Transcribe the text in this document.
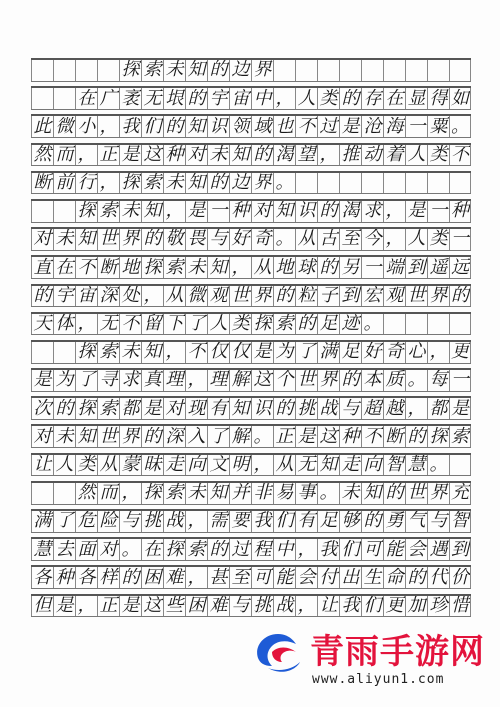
探 索 未 知 的 边 界
在 广 袤 无 垠 的 宇 宙 中 ， 人 类 的 存 在 显 得 如
此 微 小 ， 我 们 的 知 识 领 域 也 不 过 是 沧 海 一 粟 。
然 而 ， 正 是 这 种 对 未 知 的 渴 望 ， 推 动 着 人 类 不
断 前 行 ， 探 索 未 知 的 边 界 。
探 索 未 知 ， 是 一 种 对 知 识 的 渴 求 ， 是 一 种
对 未 知 世 界 的 敬 畏 与 好 奇 。 从 古 至 今 ， 人 类 一
直 在 不 断 地 探 索 未 知 ， 从 地 球 的 另 一 端 到 遥 远
的 宇 宙 深 处 ， 从 微 观 世 界 的 粒 子 到 宏 观 世 界 的
天 体 ， 无 不 留 下 了 人 类 探 索 的 足 迹 。
探 索 未 知 ， 不 仅 仅 是 为 了 满 足 好 奇 心 ， 更
是 为 了 寻 求 真 理 ， 理 解 这 个 世 界 的 本 质 。 每 一
次 的 探 索 都 是 对 现 有 知 识 的 挑 战 与 超 越 ， 都 是
对 未 知 世 界 的 深 入 了 解 。 正 是 这 种 不 断 的 探 索
让 人 类 从 蒙 昧 走 向 文 明 ， 从 无 知 走 向 智 慧 。
然 而 ， 探 索 未 知 并 非 易 事 。 未 知 的 世 界 充
满 了 危 险 与 挑 战 ， 需 要 我 们 有 足 够 的 勇 气 与 智
慧 去 面 对 。 在 探 索 的 过 程 中 ， 我 们 可 能 会 遇 到
各 种 各 样 的 困 难 ， 甚 至 可 能 会 付 出 生 命 的 代 价
但 是 ， 正 是 这 些 困 难 与 挑 战 ， 让 我 们 更 加 珍 惜
青雨手游网
www.aliyun1.com
